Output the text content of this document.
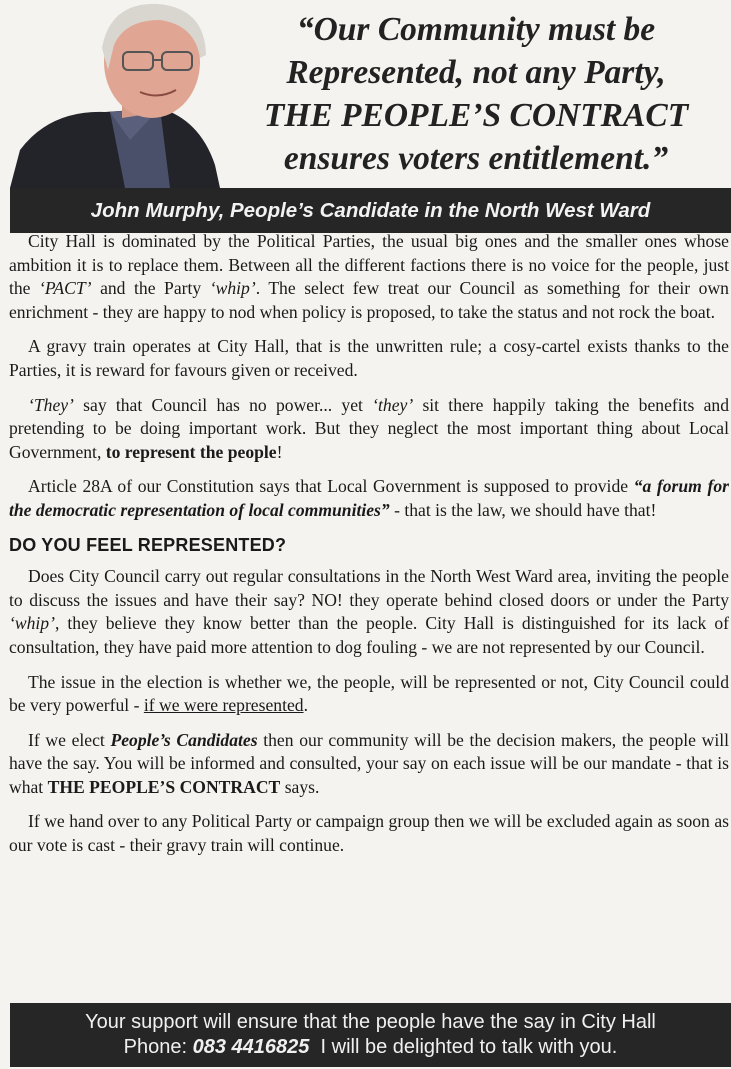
“Our Community must be
Represented, not any Party,
THE PEOPLE’S CONTRACT
ensures voters entitlement.”
John Murphy, People’s Candidate in the North West Ward

City Hall is dominated by the Political Parties, the usual big ones and the smaller ones whose ambition it is to replace them. Between all the different factions there is no voice for the people, just the ‘PACT’ and the Party ‘whip’. The select few treat our Council as something for their own enrichment - they are happy to nod when policy is proposed, to take the status and not rock the boat.

A gravy train operates at City Hall, that is the unwritten rule; a cosy-cartel exists thanks to the Parties, it is reward for favours given or received.

‘They’ say that Council has no power... yet ‘they’ sit there happily taking the benefits and pretending to be doing important work. But they neglect the most important thing about Local Government, to represent the people!

Article 28A of our Constitution says that Local Government is supposed to provide “a forum for the democratic representation of local communities” - that is the law, we should have that!

DO YOU FEEL REPRESENTED?

Does City Council carry out regular consultations in the North West Ward area, inviting the people to discuss the issues and have their say? NO! they operate behind closed doors or under the Party ‘whip’, they believe they know better than the people. City Hall is distinguished for its lack of consultation, they have paid more attention to dog fouling - we are not represented by our Council.

The issue in the election is whether we, the people, will be represented or not, City Council could be very powerful - if we were represented.

If we elect People’s Candidates then our community will be the decision makers, the people will have the say. You will be informed and consulted, your say on each issue will be our mandate - that is what THE PEOPLE’S CONTRACT says.

If we hand over to any Political Party or campaign group then we will be excluded again as soon as our vote is cast - their gravy train will continue.

Your support will ensure that the people have the say in City Hall
Phone: 083 4416825 I will be delighted to talk with you.
